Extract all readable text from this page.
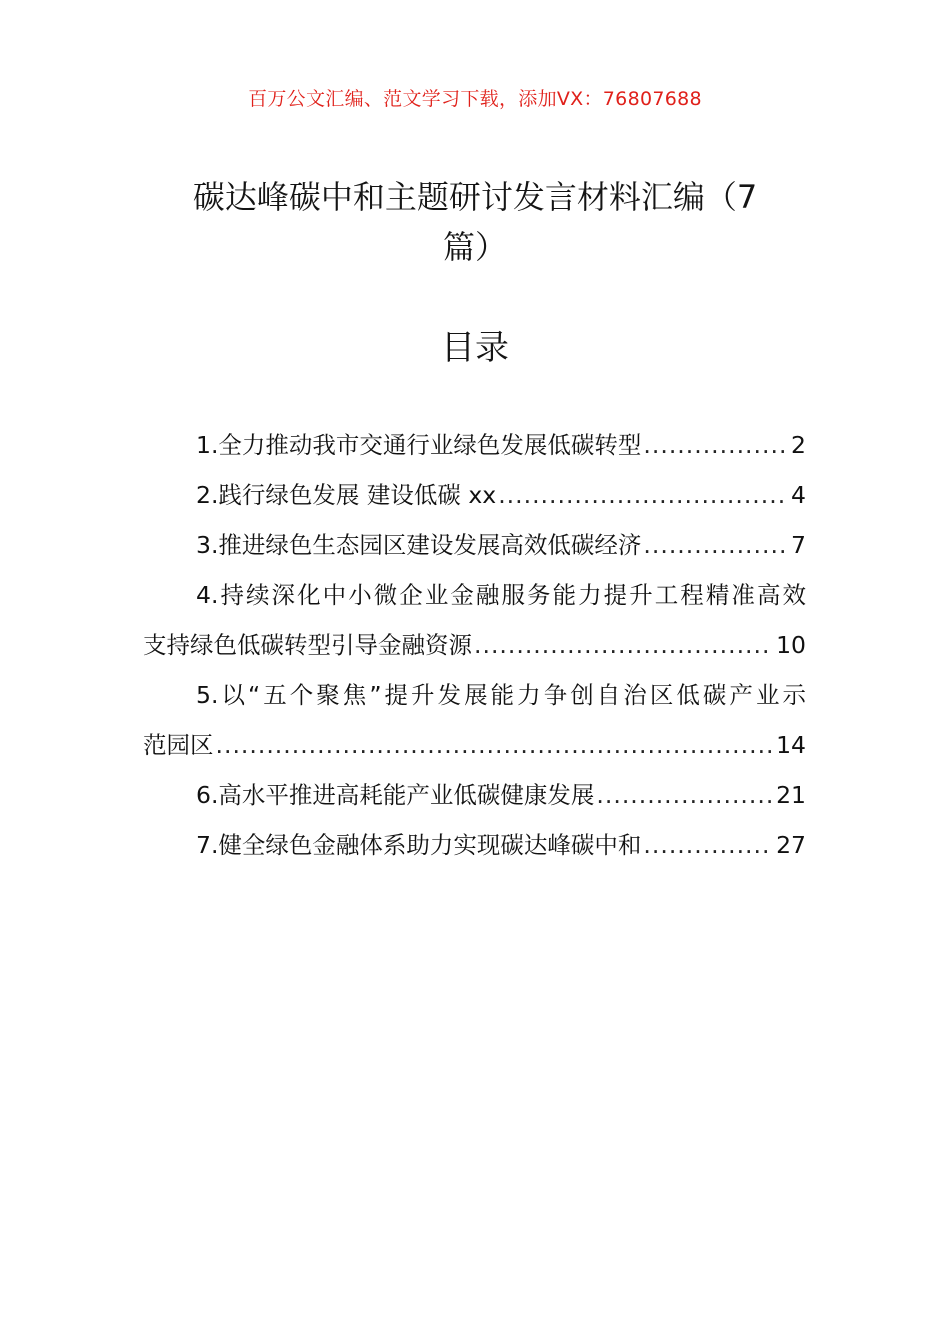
百万公文汇编、范文学习下载，添加VX：76807688
碳达峰碳中和主题研讨发言材料汇编（7
篇）
目录
1.全力推动我市交通行业绿色发展低碳转型 .....	2
2.践行绿色发展 建设低碳 xx .....	4
3.推进绿色生态园区建设发展高效低碳经济 .....	7
4.持续深化中小微企业金融服务能力提升工程精准高效
支持绿色低碳转型引导金融资源 .....	10
5.以“五个聚焦”提升发展能力争创自治区低碳产业示
范园区 .....	14
6.高水平推进高耗能产业低碳健康发展 .....	21
7.健全绿色金融体系助力实现碳达峰碳中和 .....	27
